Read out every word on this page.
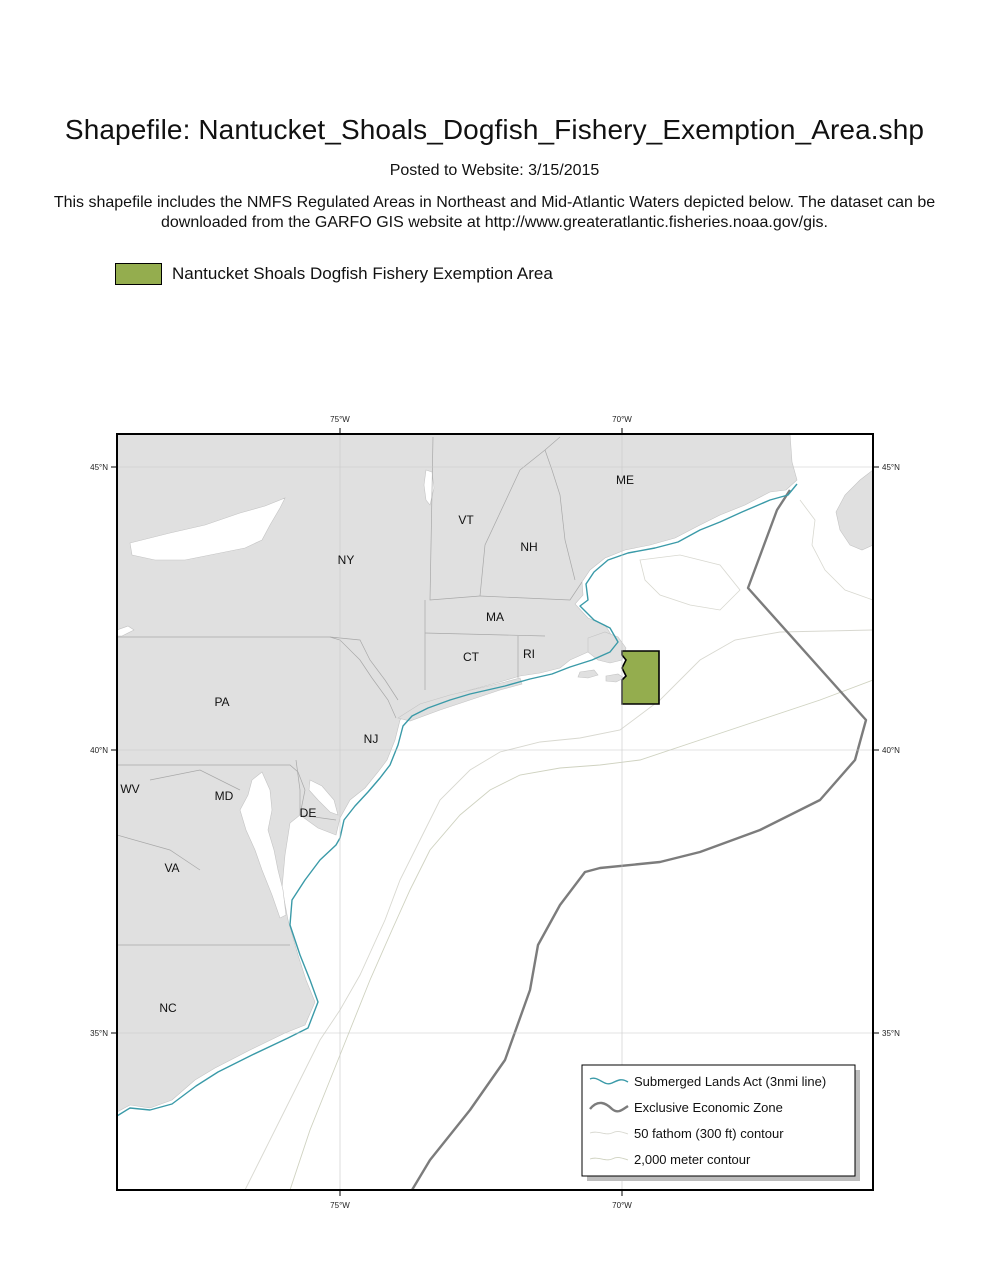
Shapefile: Nantucket_Shoals_Dogfish_Fishery_Exemption_Area.shp
Posted to Website: 3/15/2015
This shapefile includes the NMFS Regulated Areas in Northeast and Mid-Atlantic Waters depicted below. The dataset can be downloaded from the GARFO GIS website at http://www.greateratlantic.fisheries.noaa.gov/gis.
Nantucket Shoals Dogfish Fishery Exemption Area
75°W	70°W
75°W	70°W
45°N
40°N
35°N
45°N
40°N
35°N
ME
VT
NH
NY
MA
CT	RI
PA
NJ
WV	MD
DE
VA
NC
Submerged Lands Act (3nmi line)
Exclusive Economic Zone
50 fathom (300 ft) contour
2,000 meter contour
